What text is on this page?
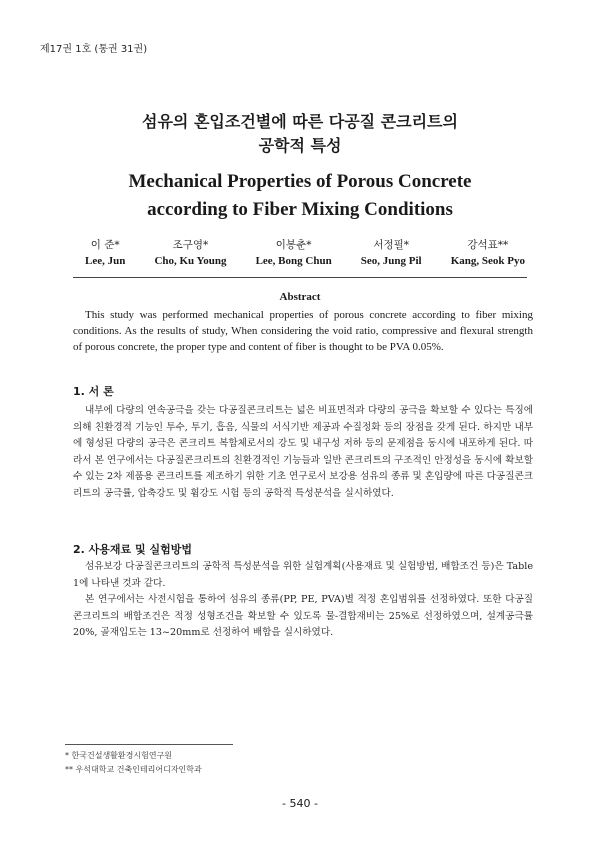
제17권 1호 (통권 31권)
섬유의 혼입조건별에 따른 다공질 콘크리트의
공학적 특성
Mechanical Properties of Porous Concrete
according to Fiber Mixing Conditions
이 준*
Lee, Jun
조구영*
Cho, Ku Young
이봉춘*
Lee, Bong Chun
서정필*
Seo, Jung Pil
강석표**
Kang, Seok Pyo
Abstract
This study was performed mechanical properties of porous concrete according to fiber mixing conditions. As the results of study, When considering the void ratio, compressive and flexural strength of porous concrete, the proper type and content of fiber is thought to be PVA 0.05%.
1. 서 론

내부에 다량의 연속공극을 갖는 다공질콘크리트는 넓은 비표면적과 다량의 공극을 확보할 수 있다는 특징에 의해 친환경적 기능인 투수, 투기, 흡음, 식물의 서식기반 제공과 수질정화 등의 장점을 갖게 된다. 하지만 내부에 형성된 다량의 공극은 콘크리트 복합체로서의 강도 및 내구성 저하 등의 문제점을 동시에 내포하게 된다. 따라서 본 연구에서는 다공질콘크리트의 친환경적인 기능들과 일반 콘크리트의 구조적인 안정성을 동시에 확보할 수 있는 2차 제품용 콘크리트를 제조하기 위한 기초 연구로서 보강용 섬유의 종류 및 혼입량에 따른 다공질콘크리트의 공극률, 압축강도 및 휨강도 시험 등의 공학적 특성분석을 실시하였다.

2. 사용재료 및 실험방법

섬유보강 다공질콘크리트의 공학적 특성분석을 위한 실험계획(사용재료 및 실험방법, 배합조건 등)은 Table 1에 나타낸 것과 같다.

본 연구에서는 사전시험을 통하여 섬유의 종류(PP, PE, PVA)별 적정 혼입범위를 선정하였다. 또한 다공질콘크리트의 배합조건은 적정 성형조건을 확보할 수 있도록 물-결합재비는 25%로 선정하였으며, 설계공극률 20%, 골재입도는 13~20mm로 선정하여 배합을 실시하였다.

* 한국건설생활환경시험연구원
** 우석대학교 건축인테리어디자인학과
- 540 -
